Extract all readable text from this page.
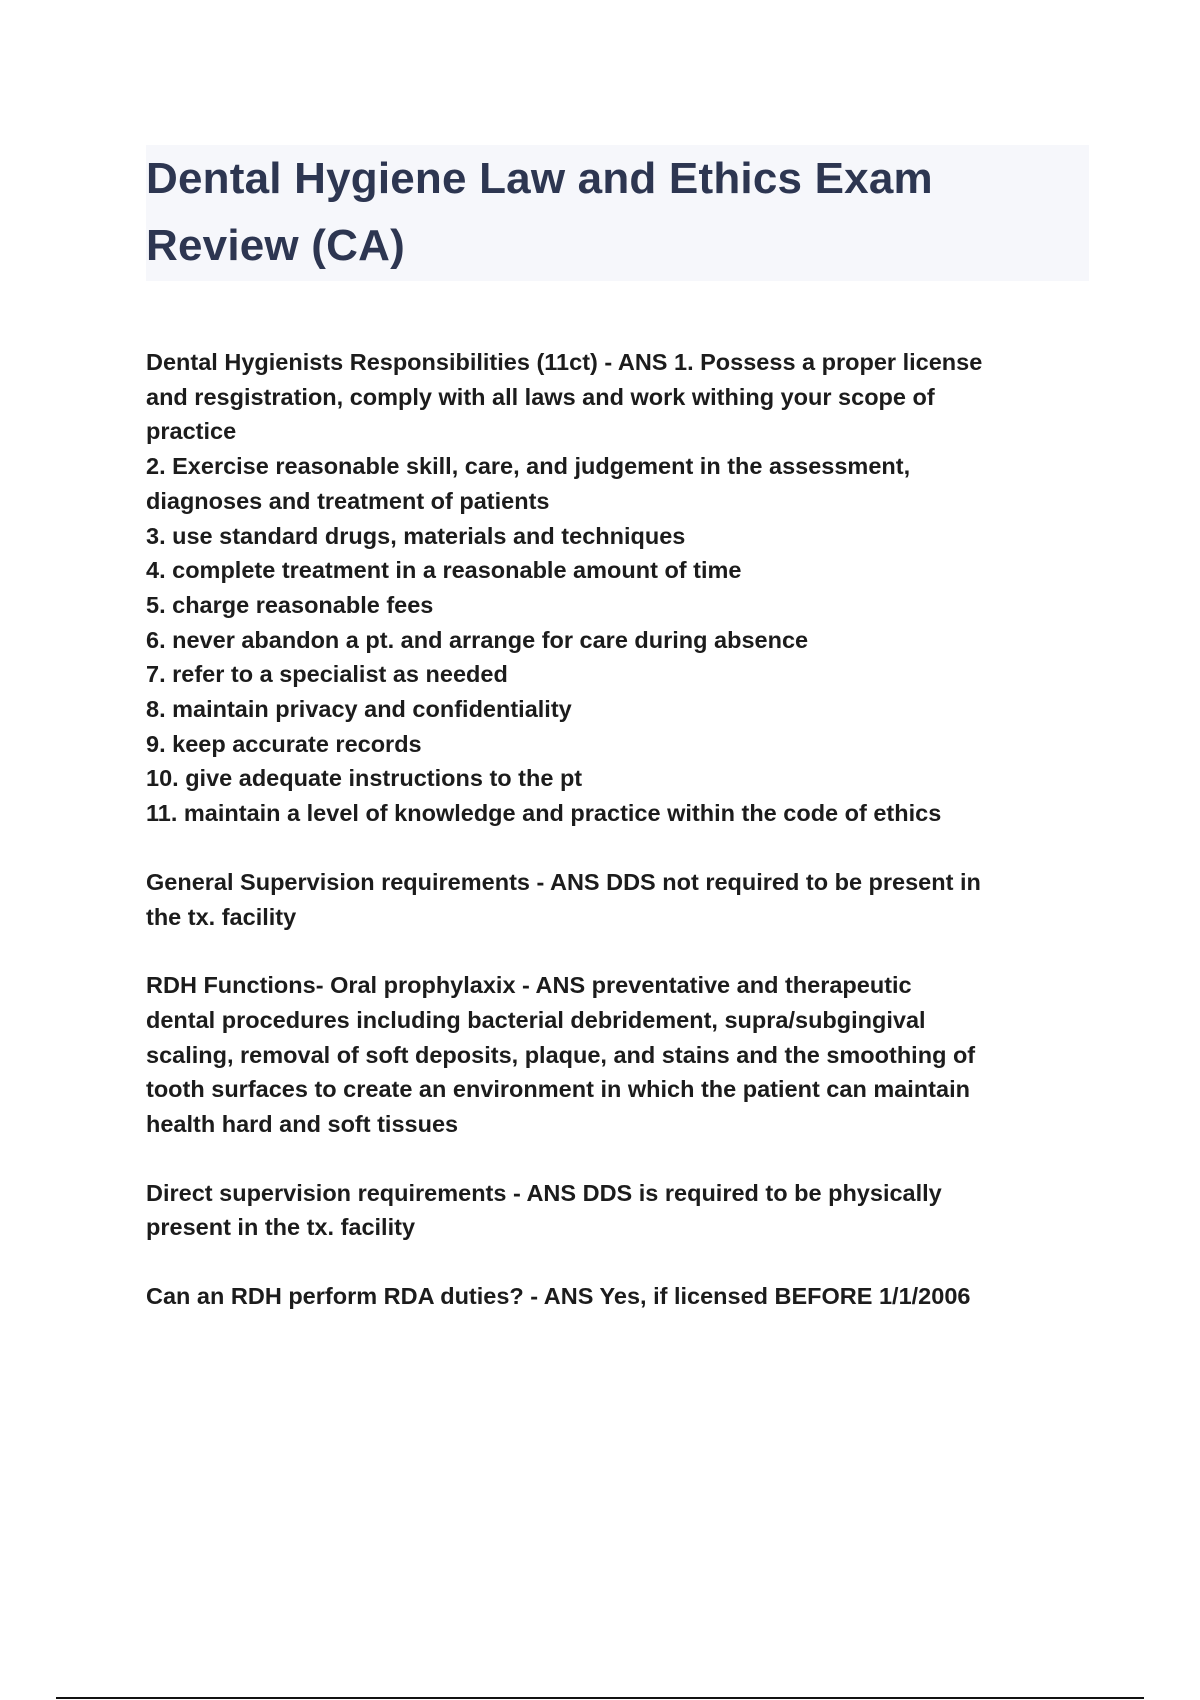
Dental Hygiene Law and Ethics Exam
Review (CA)
Dental Hygienists Responsibilities (11ct) - ANS 1. Possess a proper license
and resgistration, comply with all laws and work withing your scope of
practice
2. Exercise reasonable skill, care, and judgement in the assessment,
diagnoses and treatment of patients
3. use standard drugs, materials and techniques
4. complete treatment in a reasonable amount of time
5. charge reasonable fees
6. never abandon a pt. and arrange for care during absence
7. refer to a specialist as needed
8. maintain privacy and confidentiality
9. keep accurate records
10. give adequate instructions to the pt
11. maintain a level of knowledge and practice within the code of ethics
General Supervision requirements - ANS DDS not required to be present in
the tx. facility
RDH Functions- Oral prophylaxix - ANS preventative and therapeutic
dental procedures including bacterial debridement, supra/subgingival
scaling, removal of soft deposits, plaque, and stains and the smoothing of
tooth surfaces to create an environment in which the patient can maintain
health hard and soft tissues
Direct supervision requirements - ANS DDS is required to be physically
present in the tx. facility
Can an RDH perform RDA duties? - ANS Yes, if licensed BEFORE 1/1/2006
